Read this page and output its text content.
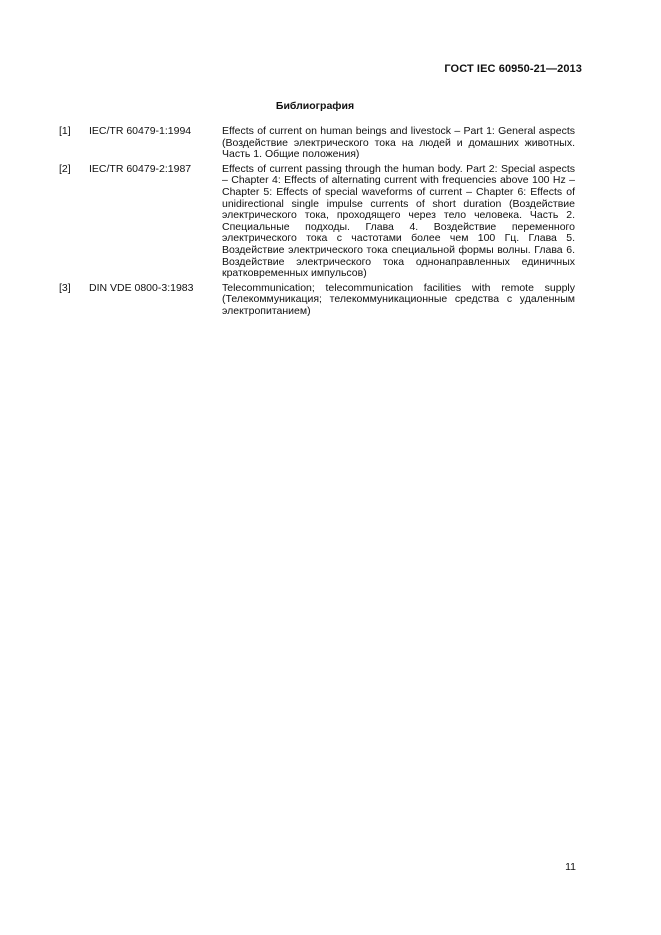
ГОСТ IEC 60950-21—2013
Библиография
[1] IEC/TR 60479-1:1994	Effects of current on human beings and livestock – Part 1: General aspects (Воздействие электрического тока на людей и домашних животных. Часть 1. Общие положения)
[2] IEC/TR 60479-2:1987	Effects of current passing through the human body. Part 2: Special aspects – Chapter 4: Effects of alternating current with frequencies above 100 Hz –Chapter 5: Effects of special waveforms of current – Chapter 6: Effects of unidirectional single impulse currents of short duration (Воздействие электрического тока, проходящего через тело человека. Часть 2. Специальные подходы. Глава 4. Воздействие переменного электрического тока с частотами более чем 100 Гц. Глава 5. Воздействие электрического тока специальной формы волны. Глава 6. Воздействие электрического тока однонаправленных единичных кратковременных импульсов)
[3] DIN VDE 0800-3:1983	Telecommunication; telecommunication facilities with remote supply (Телекоммуникация; телекоммуникационные средства с удаленным электропитанием)
11
